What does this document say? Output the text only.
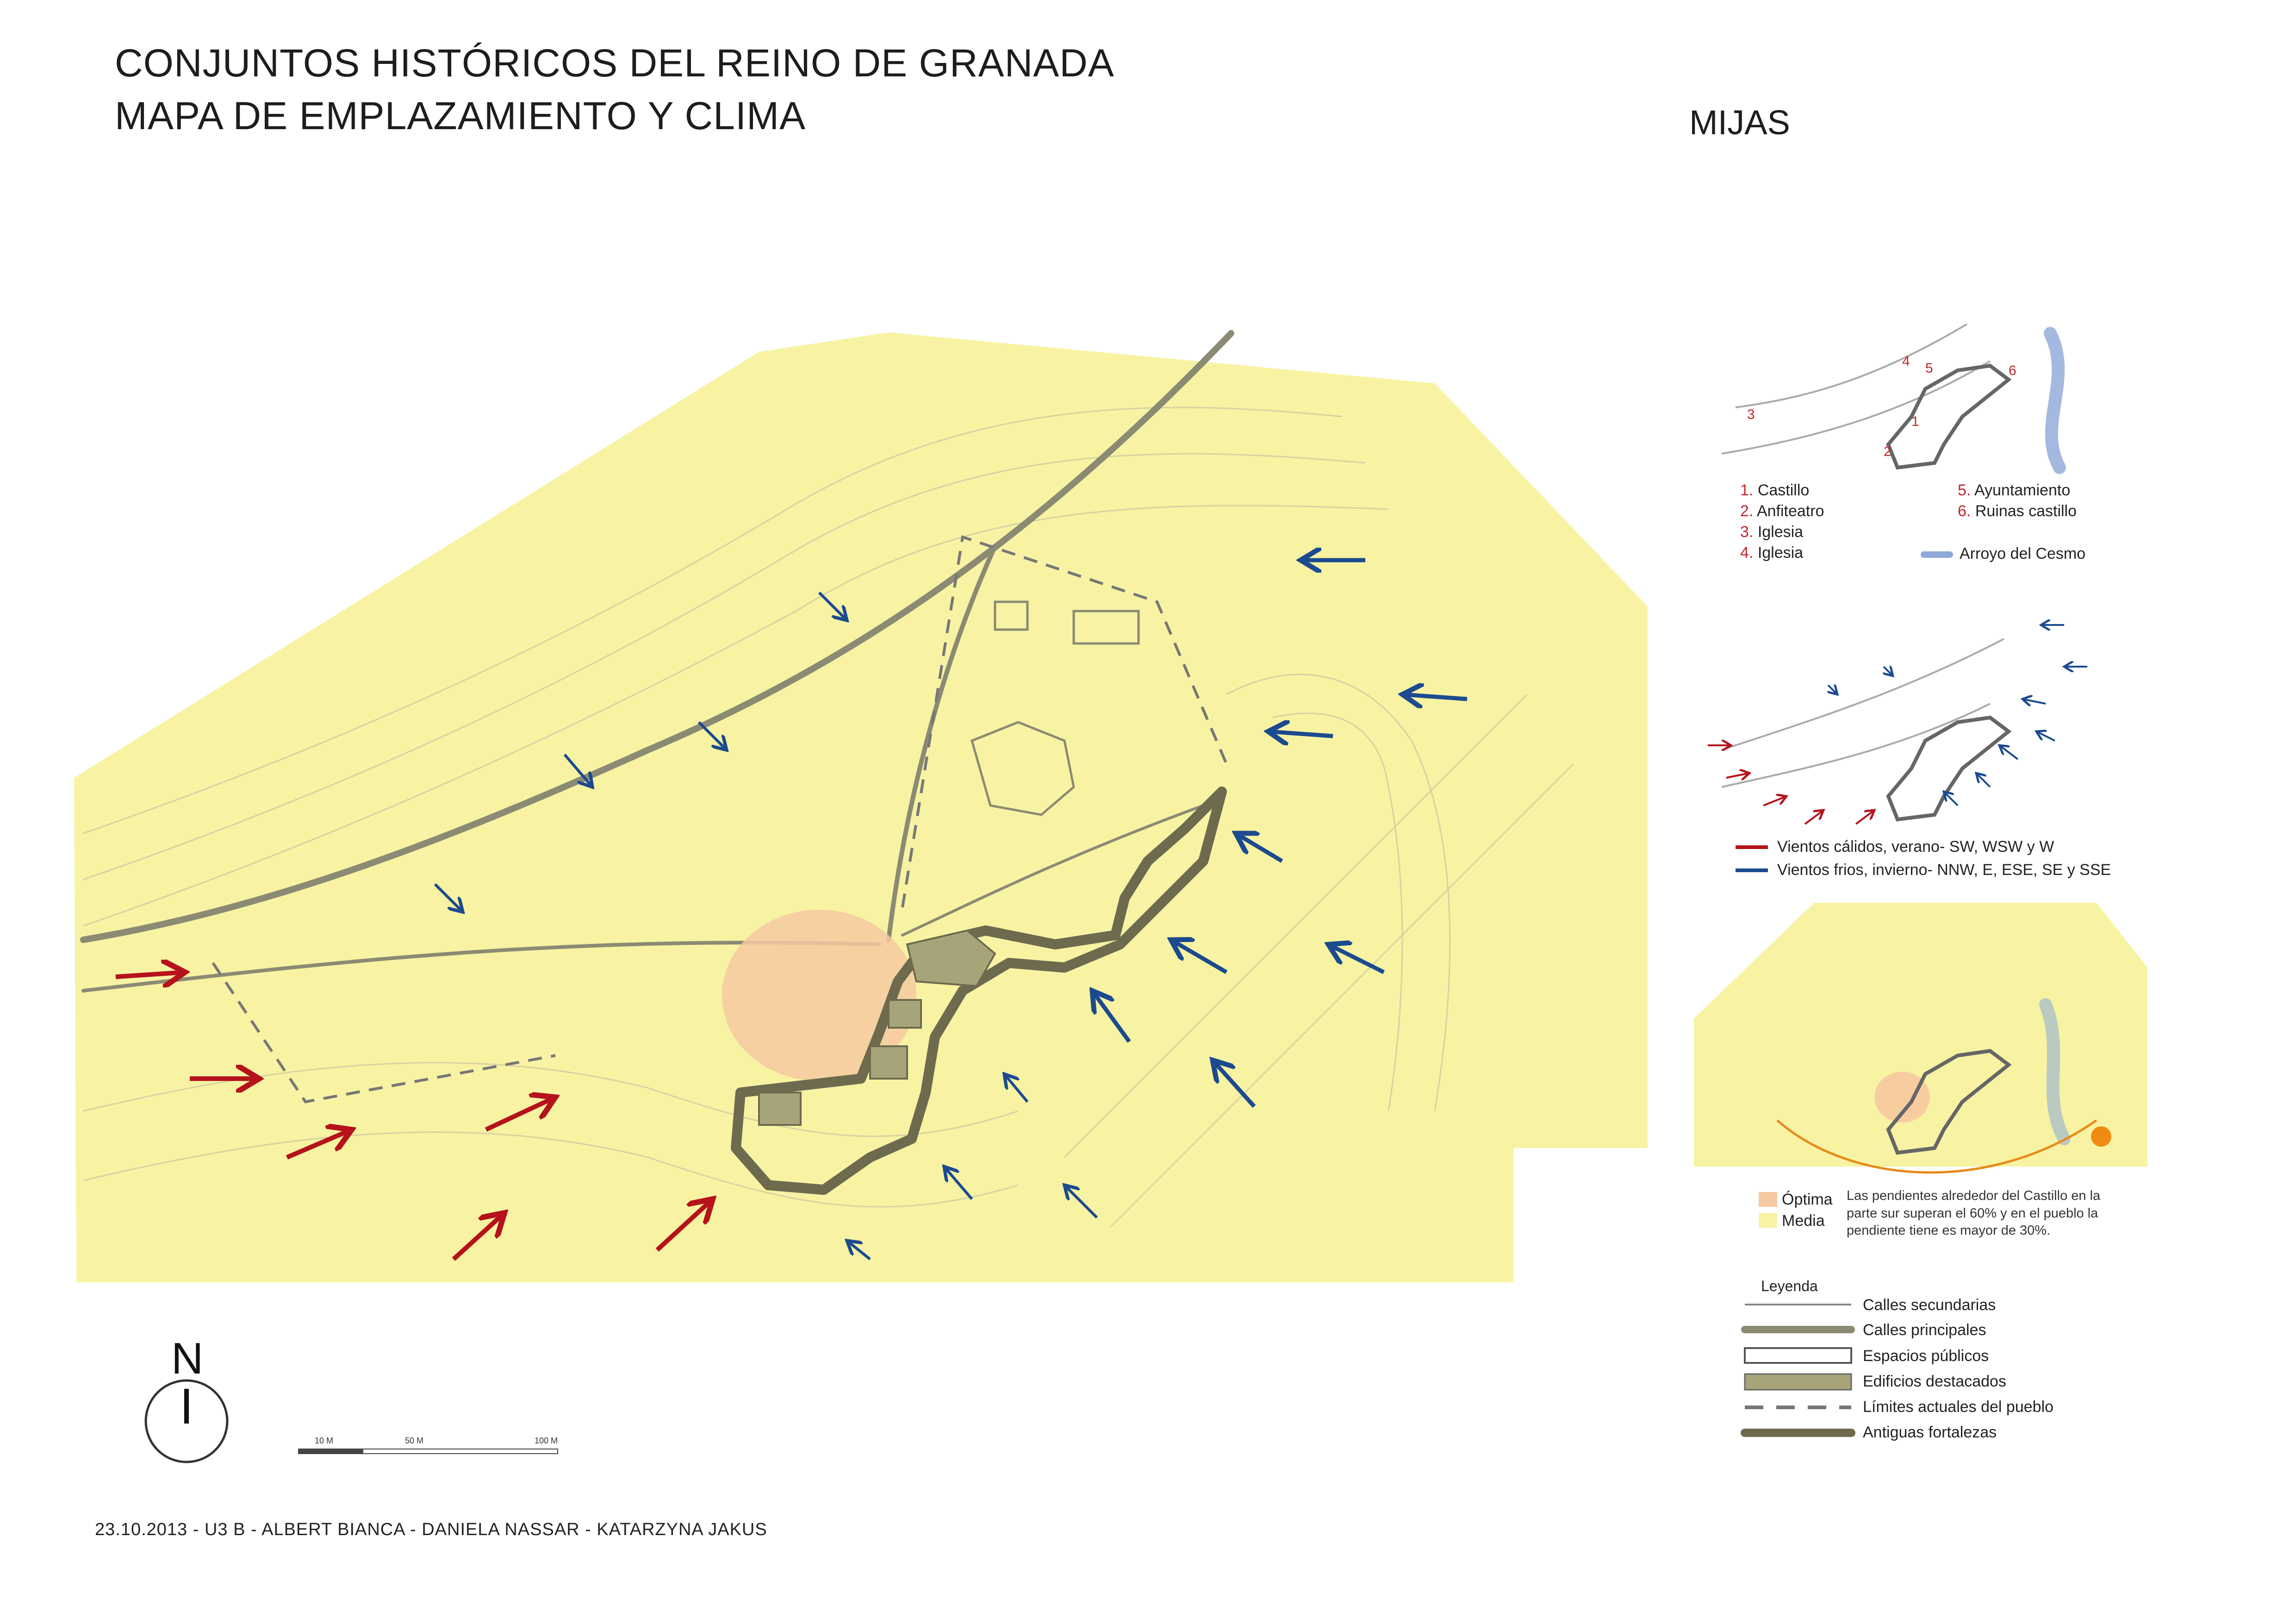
CONJUNTOS HISTÓRICOS DEL REINO DE GRANADA
MAPA DE EMPLAZAMIENTO Y CLIMA	MIJAS
1
2
3
4 5	6
1. Castillo
2. Anfiteatro
3. Iglesia
4. Iglesia
5. Ayuntamiento
6. Ruinas castillo
Arroyo del Cesmo
Vientos cálidos, verano- SW, WSW y W
Vientos frios, invierno- NNW, E, ESE, SE y SSE
Óptima
Media
Las pendientes alrededor del Castillo en la parte sur superan el 60% y en el pueblo la pendiente tiene es mayor de 30%.
Leyenda
Calles secundarias
Calles principales
Espacios públicos
Edificios destacados
Límites actuales del pueblo
Antiguas fortalezas
N
10 M	50 M	100 M
23.10.2013 - U3 B - ALBERT BIANCA - DANIELA NASSAR - KATARZYNA JAKUS
